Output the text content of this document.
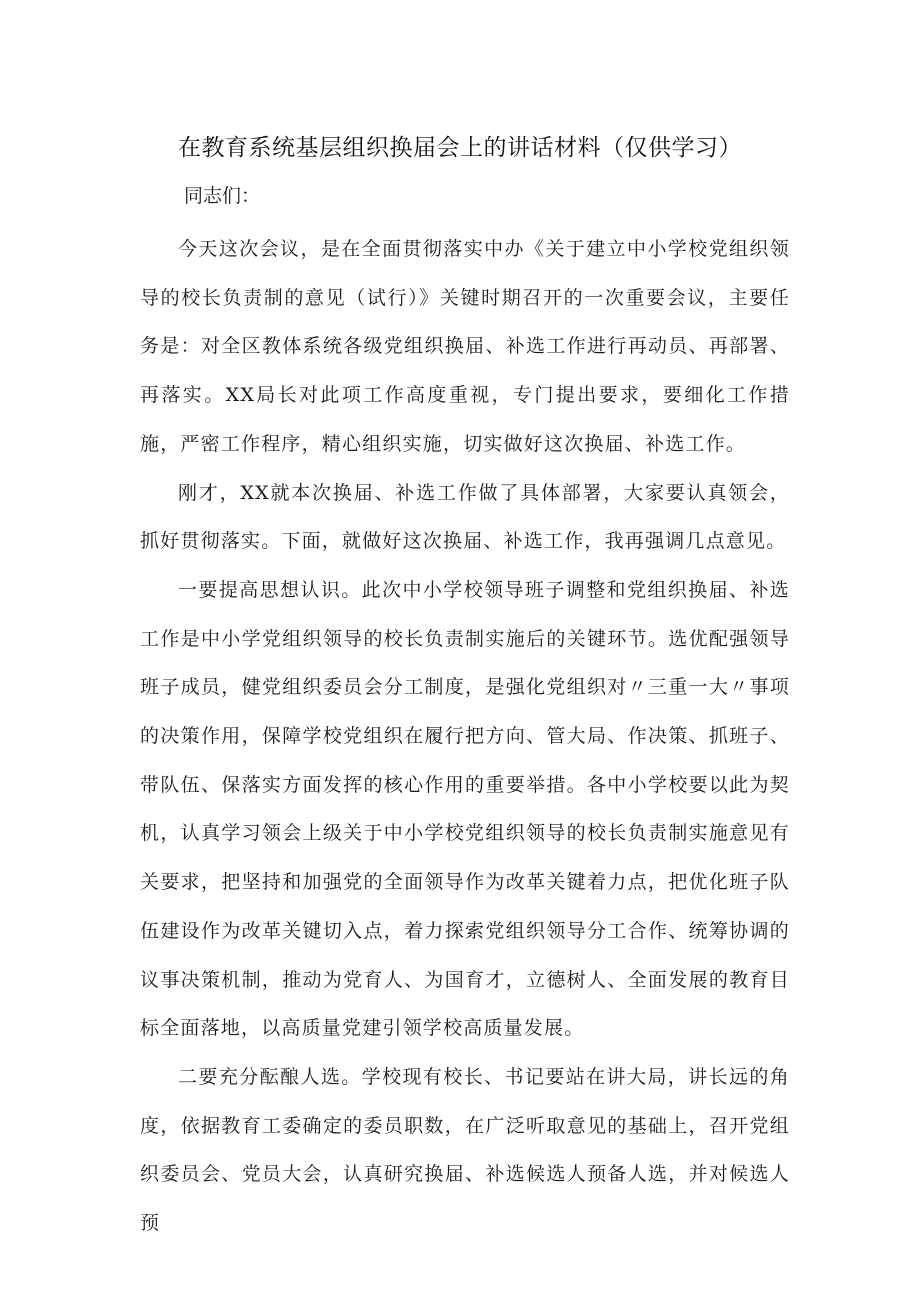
在教育系统基层组织换届会上的讲话材料（仅供学习）

同志们：

今天这次会议，是在全面贯彻落实中办《关于建立中小学校党组织领导的校长负责制的意见（试行）》关键时期召开的一次重要会议，主要任务是：对全区教体系统各级党组织换届、补选工作进行再动员、再部署、再落实。XX局长对此项工作高度重视，专门提出要求，要细化工作措施，严密工作程序，精心组织实施，切实做好这次换届、补选工作。

刚才，XX就本次换届、补选工作做了具体部署，大家要认真领会，抓好贯彻落实。下面，就做好这次换届、补选工作，我再强调几点意见。

一要提高思想认识。此次中小学校领导班子调整和党组织换届、补选工作是中小学党组织领导的校长负责制实施后的关键环节。选优配强领导班子成员，健党组织委员会分工制度，是强化党组织对〃三重一大〃事项的决策作用，保障学校党组织在履行把方向、管大局、作决策、抓班子、带队伍、保落实方面发挥的核心作用的重要举措。各中小学校要以此为契机，认真学习领会上级关于中小学校党组织领导的校长负责制实施意见有关要求，把坚持和加强党的全面领导作为改革关键着力点，把优化班子队伍建设作为改革关键切入点，着力探索党组织领导分工合作、统筹协调的议事决策机制，推动为党育人、为国育才，立德树人、全面发展的教育目标全面落地，以高质量党建引领学校高质量发展。

二要充分酝酿人选。学校现有校长、书记要站在讲大局，讲长远的角度，依据教育工委确定的委员职数，在广泛听取意见的基础上，召开党组织委员会、党员大会，认真研究换届、补选候选人预备人选，并对候选人预
